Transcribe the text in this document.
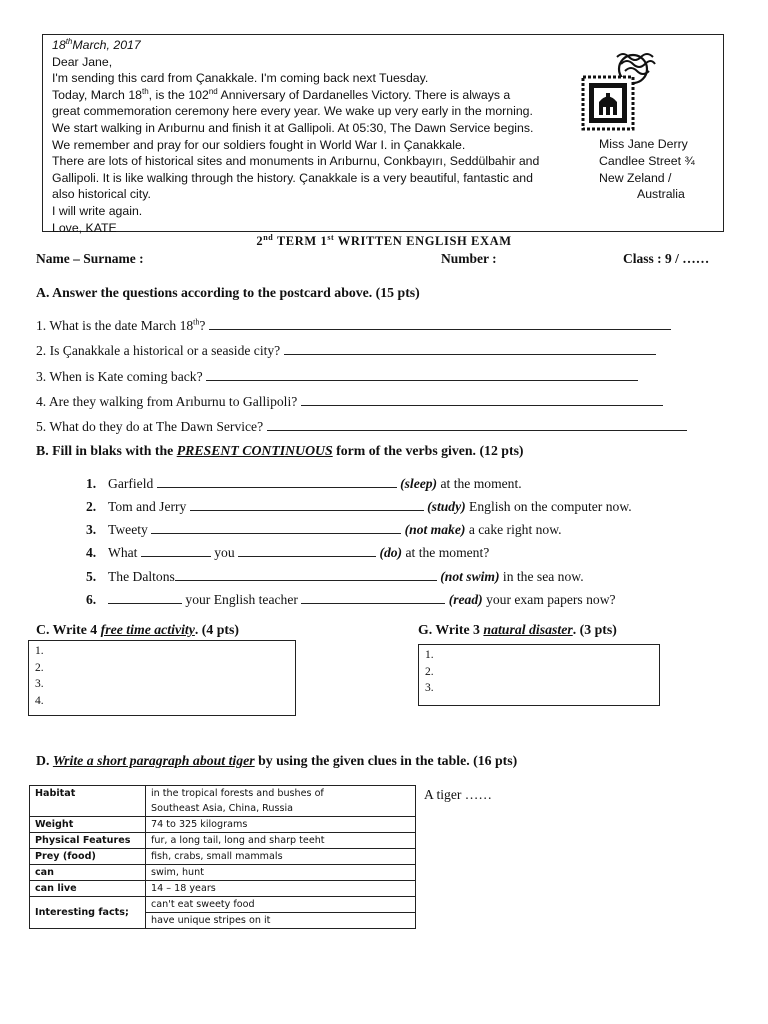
18thMarch, 2017
Dear Jane,
I'm sending this card from Çanakkale. I'm coming back next Tuesday.
Today, March 18th, is the 102nd Anniversary of Dardanelles Victory. There is always a
great commemoration ceremony here every year. We wake up very early in the morning.
We start walking in Arıburnu and finish it at Gallipoli. At 05:30, The Dawn Service begins.
We remember and pray for our soldiers fought in World War I. in Çanakkale.
There are lots of historical sites and monuments in Arıburnu, Conkbayırı, Seddülbahir and
Gallipoli. It is like walking through the history. Çanakkale is a very beautiful, fantastic and
also historical city.
I will write again.
Love, KATE
Miss Jane Derry
Candlee Street ¾
New Zeland /
Australia
2nd TERM 1st WRITTEN ENGLISH EXAM
Name – Surname :	Number :	Class : 9 / ……
A. Answer the questions according to the postcard above. (15 pts)
1. What is the date March 18th?
2. Is Çanakkale a historical or a seaside city?
3. When is Kate coming back?
4. Are they walking from Arıburnu to Gallipoli?
5. What do they do at The Dawn Service?
B. Fill in blaks with the PRESENT CONTINUOUS form of the verbs given. (12 pts)
1. Garfield	(sleep) at the moment.
2. Tom and Jerry	(study) English on the computer now.
3. Tweety	(not make) a cake right now.
4. What	you	(do) at the moment?
5. The Daltons	(not swim) in the sea now.
6.	your English teacher	(read) your exam papers now?
C. Write 4 free time activity. (4 pts)
1.
2.
3.
4.
G. Write 3 natural disaster. (3 pts)
1.
2.
3.
D. Write a short paragraph about tiger by using the given clues in the table. (16 pts)
Habitat	in the tropical forests and bushes of
Southeast Asia, China, Russia

Weight	74 to 325 kilograms
Physical Features	fur, a long tail, long and sharp teeht
Prey (food)	fish, crabs, small mammals
can	swim, hunt
can live	14 – 18 years
Interesting facts;	can't eat sweety food
	have unique stripes on it
A tiger ……
